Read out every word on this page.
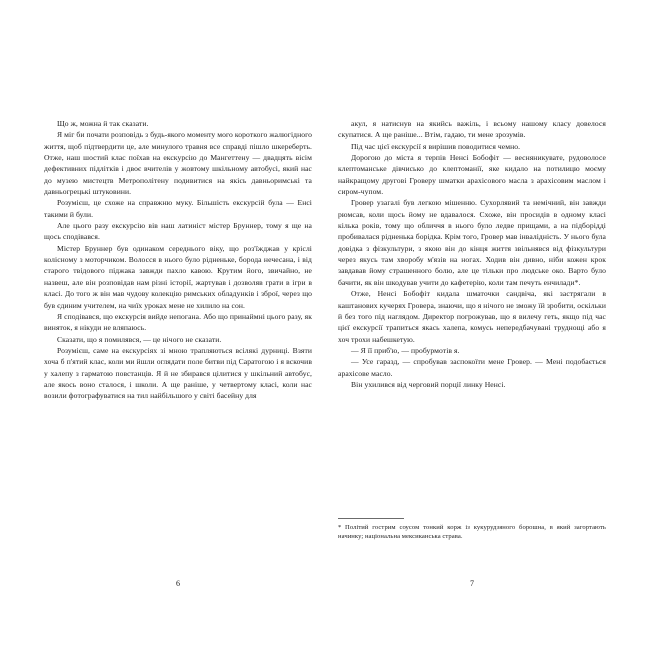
Що ж, можна й так сказати.

Я міг би почати розповідь з будь-якого моменту мого короткого жалюгідного життя, щоб підтвердити це, але минулого травня все справді пішло шкереберть. Отже, наш шостий клас поїхав на екскурсію до Мангеттену — двадцять вісім дефективних підлітків і двоє вчителів у жовтому шкільному автобусі, який нас до музею мистецтв Метрополітену подивитися на якісь давньоримські та давньогрецькі штуковини.

Розумієш, це схоже на справжню муку. Більшість екскурсій була — Енсі такими й були.

Але цього разу екскурсію вів наш латиніст містер Бруннер, тому я ще на щось сподівався.

Містер Бруннер був одинаком середнього віку, що роз'їжджав у кріслі колісному з моторчиком. Волосся в нього було рідненьке, борода нечесана, і від старого твідового піджака завжди пахло кавою. Крутим його, звичайно, не назвеш, але він розповідав нам різні історії, жартував і дозволяв грати в ігри в класі. До того ж він мав чудову колекцію римських обладунків і зброї, через що був єдиним учителем, на чиїх уроках мене не хилило на сон.

Я сподівався, що екскурсія вийде непогана. Або що принаймні цього разу, як виняток, я нікуди не вляпаюсь.

Сказати, що я помилявся, — це нічого не сказати.

Розумієш, саме на екскурсіях зі мною трапляються всілякі дурниці. Взяти хоча б п'ятий клас, коли ми йшли оглядати поле битви під Саратогою і я вскочив у халепу з гарматою повстанців. Я й не збирався цілитися у шкільний автобус, але якось воно сталося, і школи. А ще раніше, у четвертому класі, коли нас возили фотографуватися на тил найбільшого у світі басейну для

6

акул, я натиснув на якийсь важіль, і всьому нашому класу довелося скупатися. А ще раніше... Втім, гадаю, ти мене зрозумів.

Під час цієї екскурсії я вирішив поводитися чемно.

Дорогою до міста я терпів Ненсі Бобофіт — весняникувате, рудоволосе клептоманське дівчисько до клептоманії, яке кидало на потилицю моєму найкращому другові Гроверу шматки арахісового масла з арахісовим маслом і сиром-чупом.

Гровер узагалі був легкою мішенню. Сухорлявий та немічний, він завжди рюмсав, коли щось йому не вдавалося. Схоже, він просидів в одному класі кілька років, тому що обличчя в нього було ледве прищами, а на підборідді пробивалася рідненька борідка. Крім того, Гровер мав інвалідність. У нього була довідка з фізкультури, з якою він до кінця життя звільнявся від фізкультури через якусь там хворобу м'язів на ногах. Ходив він дивно, ніби кожен крок завдавав йому страшенного болю, але це тільки про людське око. Варто було бачити, як він шкодував учити до кафетерію, коли там печуть енчилади*.

Отже, Ненсі Бобофіт кидала шматочки сандвіча, які застрягали в каштанових кучерях Гровера, знаючи, що я нічого не зможу їй зробити, оскільки й без того під наглядом. Директор погрожував, що я вилечу геть, якщо під час цієї екскурсії трапиться якась халепа, комусь непередбачувані труднощі або я хоч трохи набешкетую.

— Я її приб'ю, — пробурмотів я.

— Усе гаразд, — спробував заспокоїти мене Гровер. — Мені подобається арахісове масло.

Він ухилився від черговий порції линку Ненсі.

* Політий гострим соусом тонкий корж із кукурудзяного борошна, в який загортають начинку; національна мексиканська страва.

7
